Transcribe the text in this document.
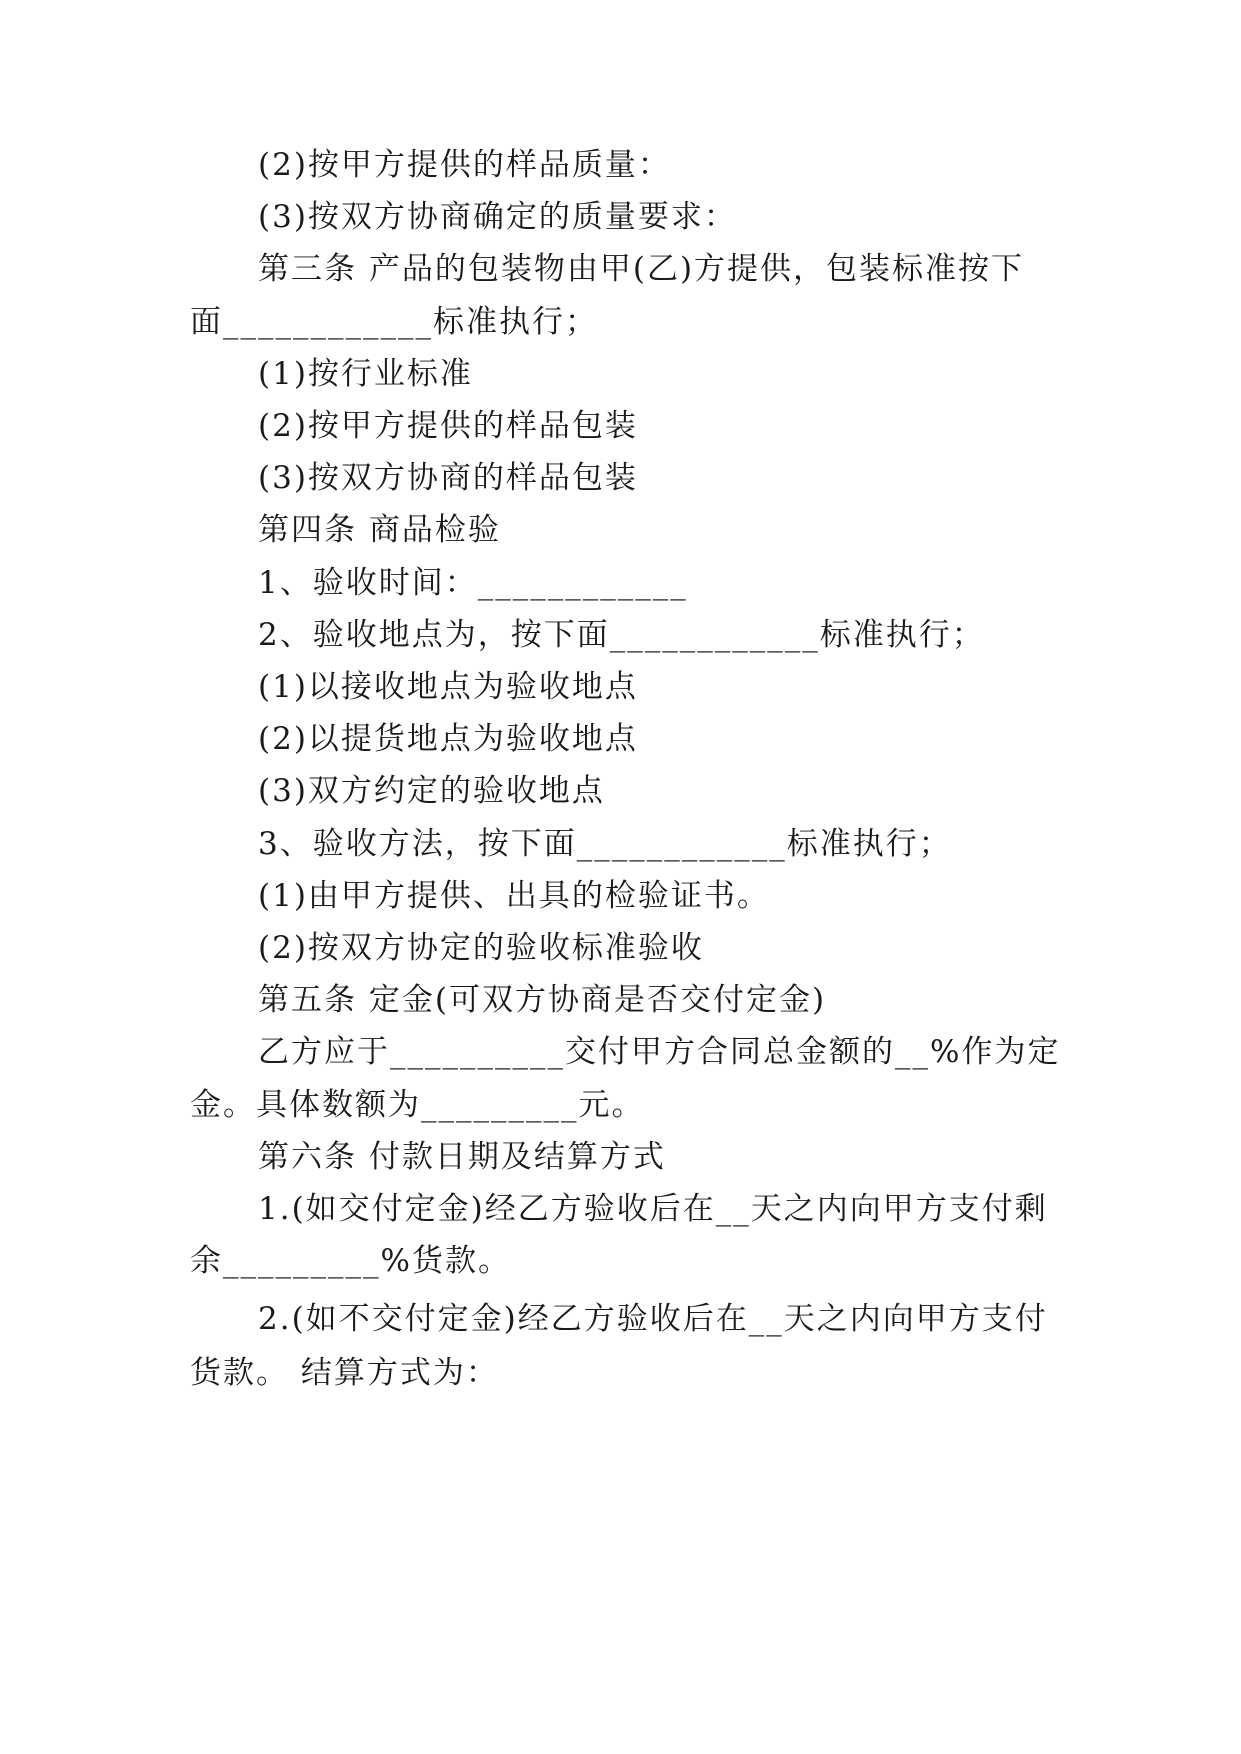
(2)按甲方提供的样品质量：
(3)按双方协商确定的质量要求：
第三条 产品的包装物由甲(乙)方提供，包装标准按下
面____________标准执行；
(1)按行业标准
(2)按甲方提供的样品包装
(3)按双方协商的样品包装
第四条 商品检验
1、验收时间：____________
2、验收地点为，按下面____________标准执行；
(1)以接收地点为验收地点
(2)以提货地点为验收地点
(3)双方约定的验收地点
3、验收方法，按下面____________标准执行；
(1)由甲方提供、出具的检验证书。
(2)按双方协定的验收标准验收
第五条 定金(可双方协商是否交付定金)
乙方应于__________交付甲方合同总金额的__%作为定
金。具体数额为_________元。
第六条 付款日期及结算方式
1.(如交付定金)经乙方验收后在__天之内向甲方支付剩
余_________%货款。
2.(如不交付定金)经乙方验收后在__天之内向甲方支付
货款。 结算方式为：
